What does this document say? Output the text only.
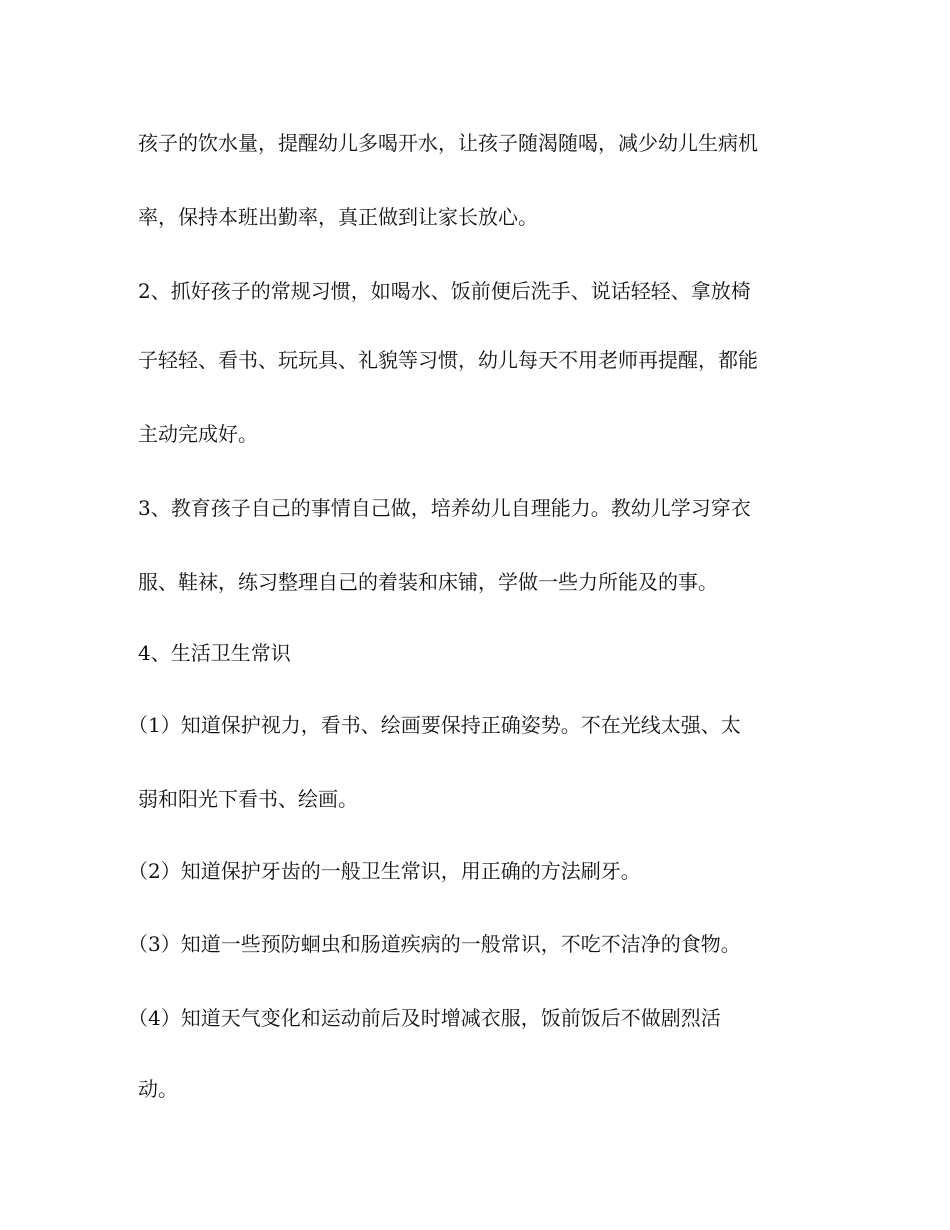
孩子的饮水量，提醒幼儿多喝开水，让孩子随渴随喝，减少幼儿生病机
率，保持本班出勤率，真正做到让家长放心。
2、抓好孩子的常规习惯，如喝水、饭前便后洗手、说话轻轻、拿放椅
子轻轻、看书、玩玩具、礼貌等习惯，幼儿每天不用老师再提醒，都能
主动完成好。
3、教育孩子自己的事情自己做，培养幼儿自理能力。教幼儿学习穿衣
服、鞋袜，练习整理自己的着装和床铺，学做一些力所能及的事。
4、生活卫生常识
（1）知道保护视力，看书、绘画要保持正确姿势。不在光线太强、太
弱和阳光下看书、绘画。
（2）知道保护牙齿的一般卫生常识，用正确的方法刷牙。
（3）知道一些预防蛔虫和肠道疾病的一般常识，不吃不洁净的食物。
（4）知道天气变化和运动前后及时增减衣服，饭前饭后不做剧烈活
动。
